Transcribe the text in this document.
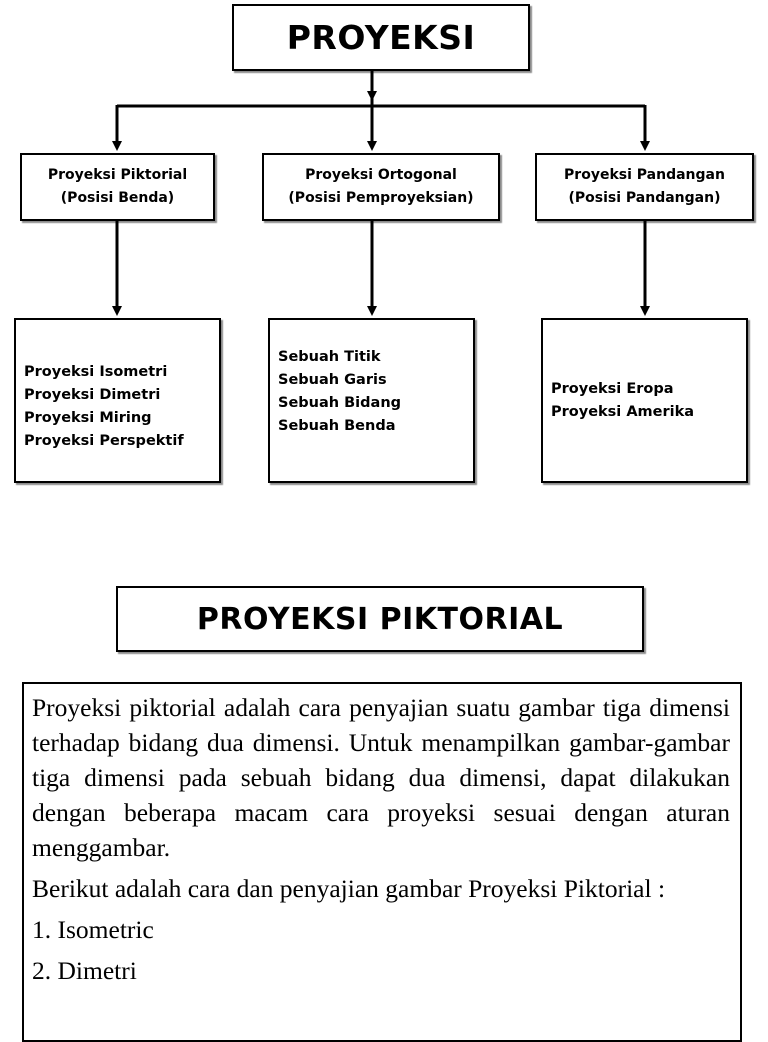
PROYEKSI
Proyeksi Piktorial
(Posisi Benda)
Proyeksi Ortogonal
(Posisi Pemproyeksian)
Proyeksi Pandangan
(Posisi Pandangan)
Proyeksi Isometri
Proyeksi Dimetri
Proyeksi Miring
Proyeksi Perspektif
Sebuah Titik
Sebuah Garis
Sebuah Bidang
Sebuah Benda
Proyeksi Eropa
Proyeksi Amerika
PROYEKSI PIKTORIAL

Proyeksi piktorial adalah cara penyajian suatu gambar tiga dimensi terhadap bidang dua dimensi. Untuk menampilkan gambar-gambar tiga dimensi pada sebuah bidang dua dimensi, dapat dilakukan dengan beberapa macam cara proyeksi sesuai dengan aturan menggambar.

Berikut adalah cara dan penyajian gambar Proyeksi Piktorial :

1. Isometric
2. Dimetri
